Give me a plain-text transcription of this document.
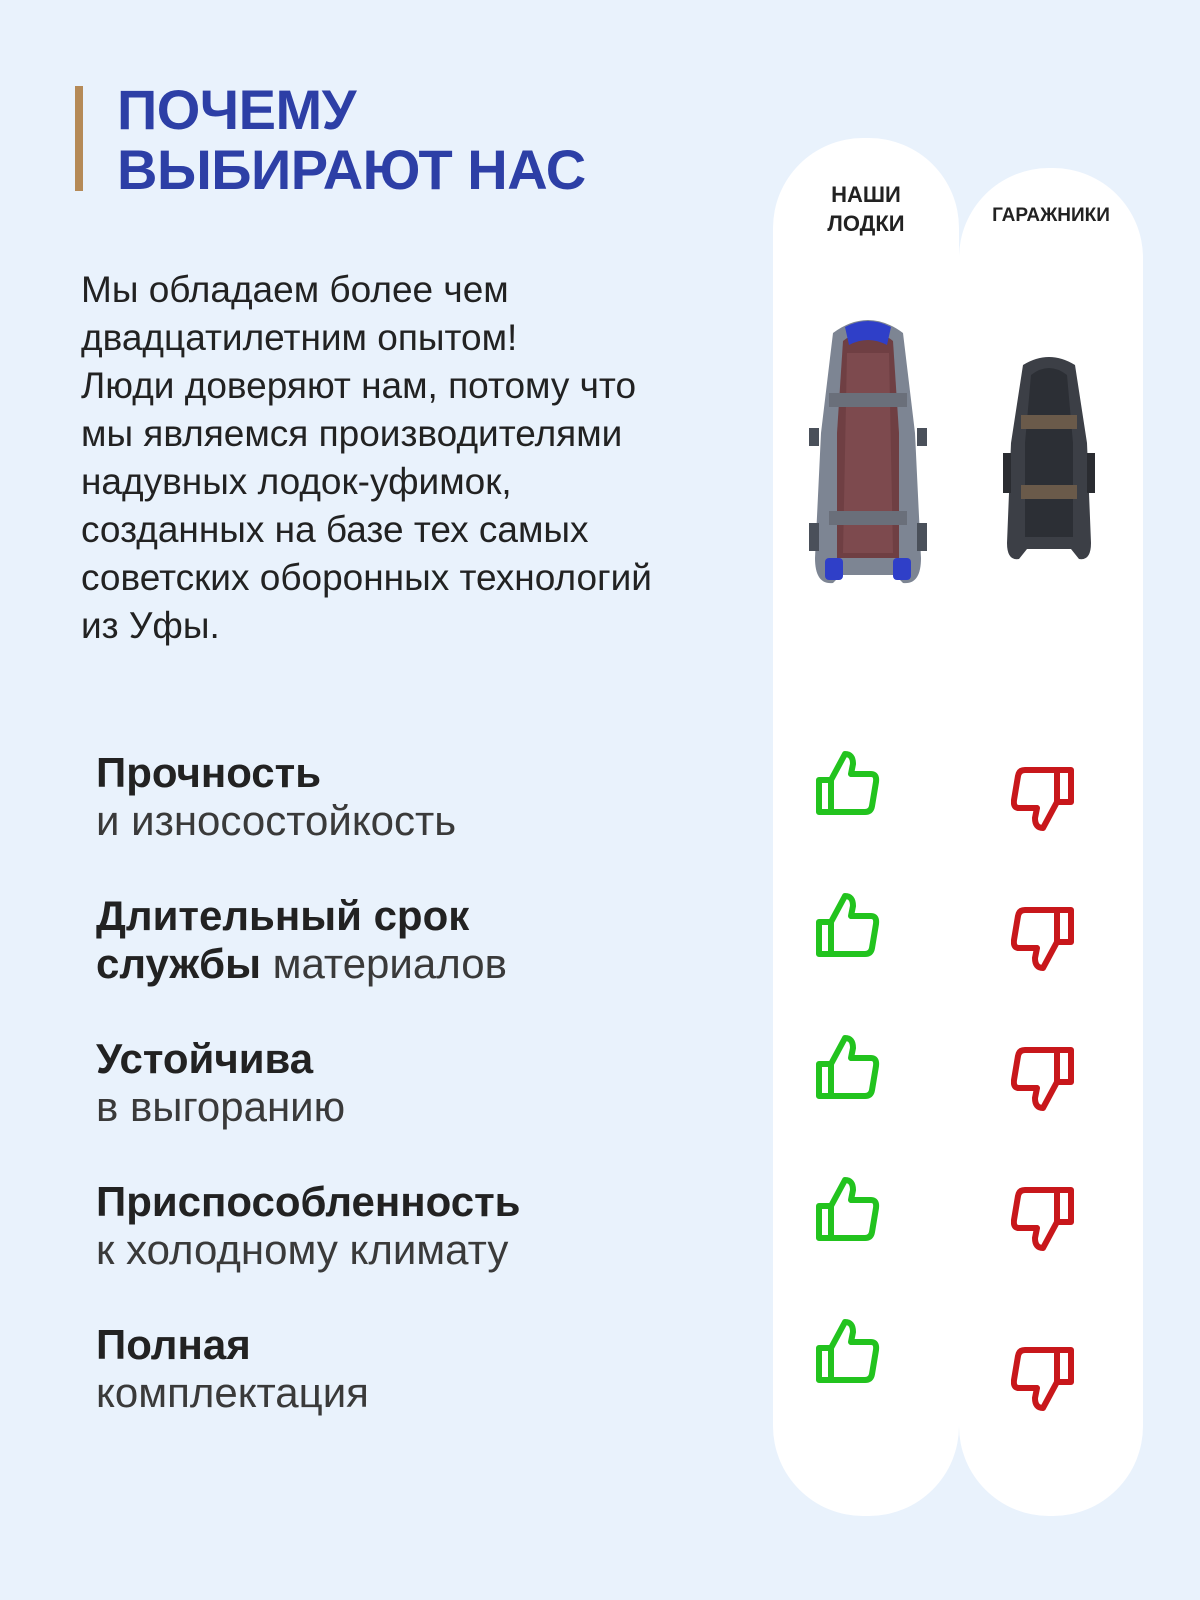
ПОЧЕМУ
ВЫБИРАЮТ НАС
Мы обладаем более чем
двадцатилетним опытом!
Люди доверяют нам, потому что
мы являемся производителями
надувных лодок-уфимок,
созданных на базе тех самых
советских оборонных технологий
из Уфы.
НАШИ
ЛОДКИ	ГАРАЖНИКИ
Прочность
и износостойкость
Длительный срок
службы материалов
Устойчива
в выгоранию
Приспособленность
к холодному климату
Полная
комплектация
